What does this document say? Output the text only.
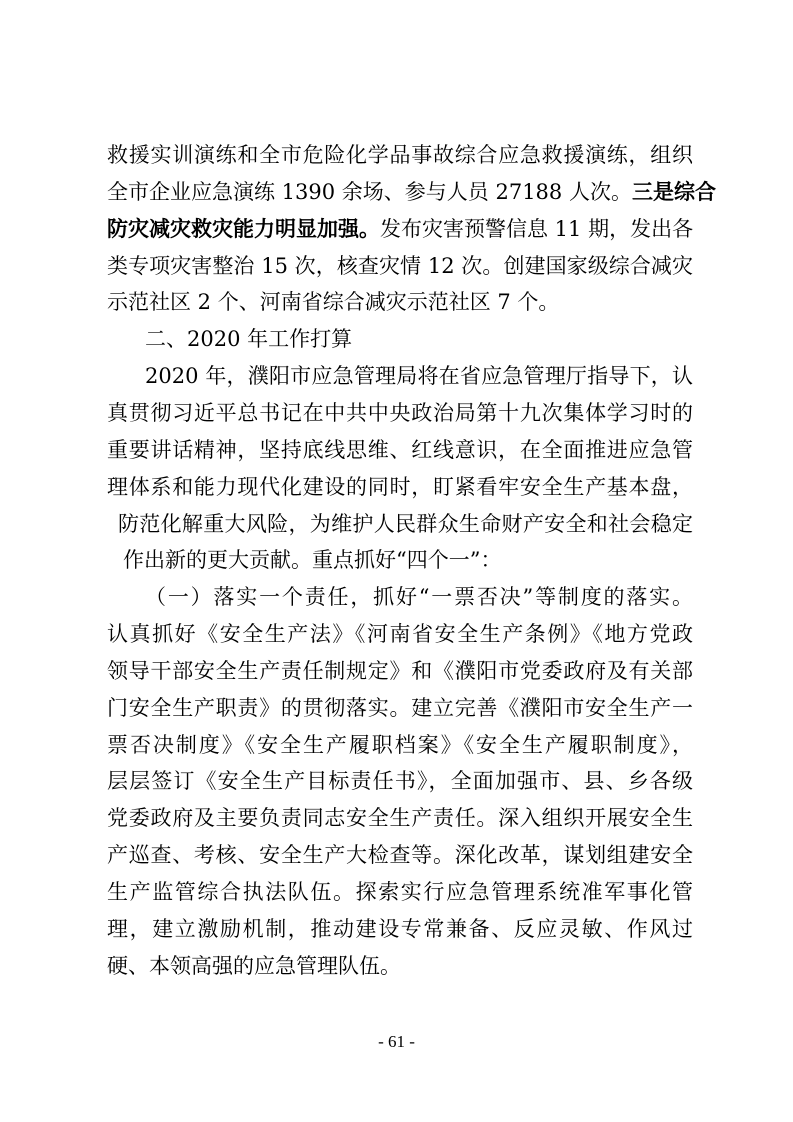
救援实训演练和全市危险化学品事故综合应急救援演练，组织
全市企业应急演练 1390 余场、参与人员 27188 人次。三是综合
防灾减灾救灾能力明显加强。发布灾害预警信息 11 期，发出各
类专项灾害整治 15 次，核查灾情 12 次。创建国家级综合减灾
示范社区 2 个、河南省综合减灾示范社区 7 个。
二、2020 年工作打算
2020 年，濮阳市应急管理局将在省应急管理厅指导下，认
真贯彻习近平总书记在中共中央政治局第十九次集体学习时的
重要讲话精神，坚持底线思维、红线意识，在全面推进应急管
理体系和能力现代化建设的同时，盯紧看牢安全生产基本盘，
防范化解重大风险，为维护人民群众生命财产安全和社会稳定
作出新的更大贡献。重点抓好“四个一”：
（一）落实一个责任，抓好“一票否决”等制度的落实。
认真抓好《安全生产法》《河南省安全生产条例》《地方党政
领导干部安全生产责任制规定》和《濮阳市党委政府及有关部
门安全生产职责》的贯彻落实。建立完善《濮阳市安全生产一
票否决制度》《安全生产履职档案》《安全生产履职制度》，
层层签订《安全生产目标责任书》，全面加强市、县、乡各级
党委政府及主要负责同志安全生产责任。深入组织开展安全生
产巡查、考核、安全生产大检查等。深化改革，谋划组建安全
生产监管综合执法队伍。探索实行应急管理系统准军事化管
理，建立激励机制，推动建设专常兼备、反应灵敏、作风过
硬、本领高强的应急管理队伍。
- 61 -
